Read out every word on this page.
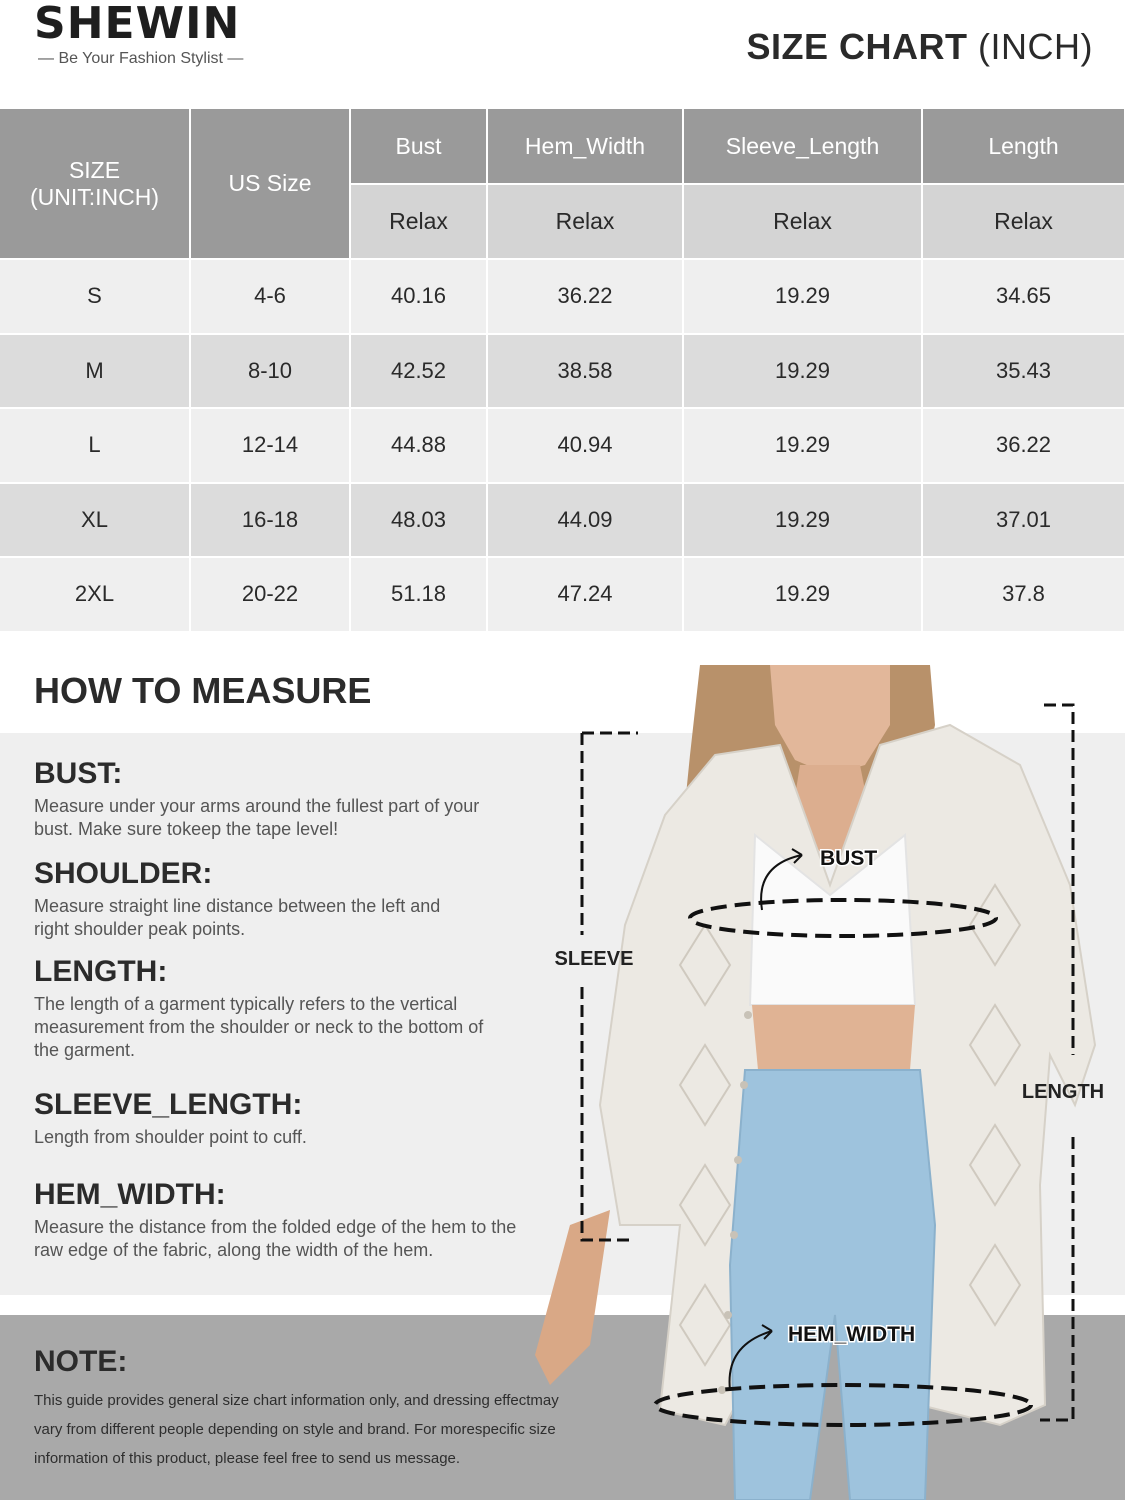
SHEWIN
— Be Your Fashion Stylist —	SIZE CHART (INCH)
SIZE (UNIT:INCH)	US Size	Bust	Hem_Width	Sleeve_Length	Length
		Relax	Relax	Relax	Relax
S	4-6	40.16	36.22	19.29	34.65
M	8-10	42.52	38.58	19.29	35.43
L	12-14	44.88	40.94	19.29	36.22
XL	16-18	48.03	44.09	19.29	37.01
2XL	20-22	51.18	47.24	19.29	37.8
HOW TO MEASURE
BUST:
Measure under your arms around the fullest part of your bust. Make sure tokeep the tape level!
SHOULDER:
Measure straight line distance between the left and right shoulder peak points.
LENGTH:
The length of a garment typically refers to the vertical measurement from the shoulder or neck to the bottom of the garment.
SLEEVE_LENGTH:
Length from shoulder point to cuff.
HEM_WIDTH:
Measure the distance from the folded edge of the hem to the raw edge of the fabric, along the width of the hem.
NOTE:
This guide provides general size chart information only, and dressing effectmay vary from different people depending on style and brand. For morespecific size information of this product, please feel free to send us message.
BUST
SLEEVE
LENGTH
HEM_WIDTH
